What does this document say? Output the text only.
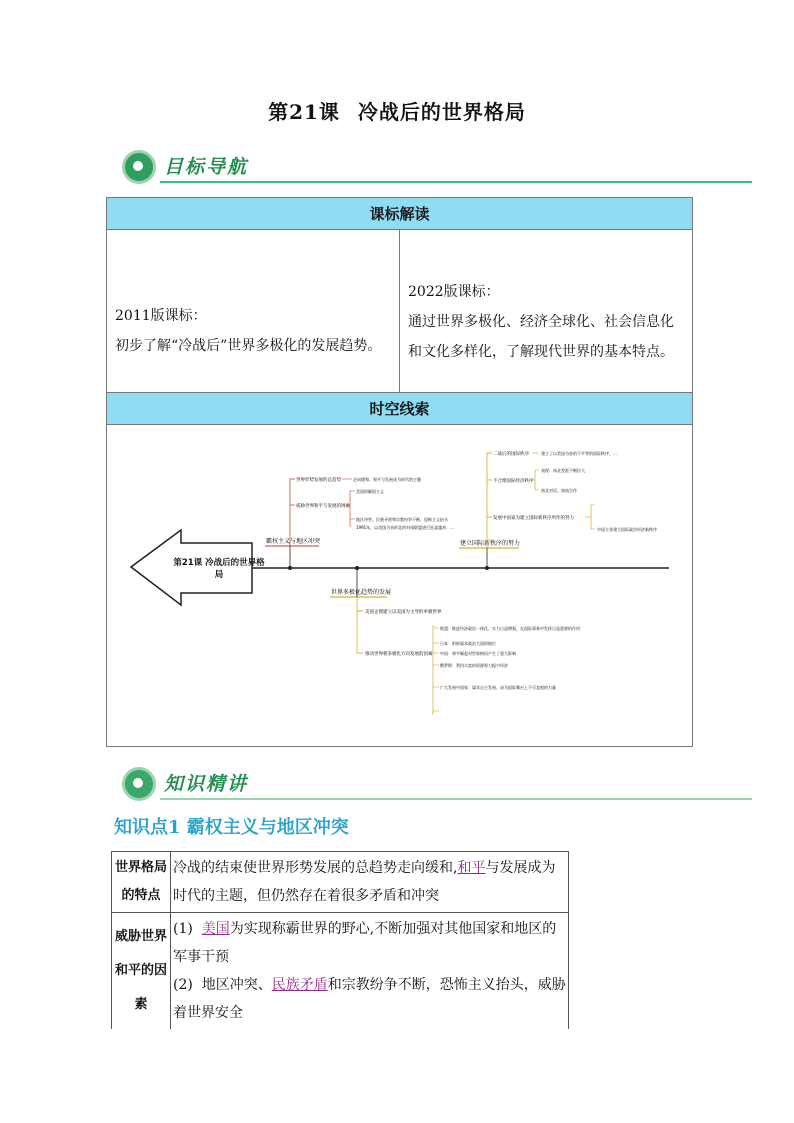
第21课 冷战后的世界格局
目标导航
课标解读

2011版课标：
初步了解“冷战后”世界多极化的发展趋势。

2022版课标：
通过世界多极化、经济全球化、社会信息化和文化多样化，了解现代世界的基本特点。

时空线索

第21课 冷战后的世界格局
霸权主义与地区冲突
世界形势发展的总趋势
威胁世界和平与发展的因素
走向缓和、和平与发展成为时代的主题
美国的霸权主义
地区冲突、民族矛盾和宗教纷争不断，恐怖主义抬头
1991年，以美国为首的北约对南联盟进行狂轰滥炸，…
世界多极化趋势的发展
美国企图建立以美国为主导的单极世界
推动世界朝多极化方向发展的因素
欧盟：推进经济政治一体化，实力日益增强，在国际事务中发挥日益重要的作用
日本：积极谋求政治大国的地位
中国：和平崛起对世界格局产生了重大影响
俄罗斯：利用丰富的资源努力振兴经济
广大发展中国家：谋求自主发展，成为国际舞台上不可忽视的力量
建立国际新秩序的努力
二战后的国际秩序
不合理国际经济秩序
发展中国家为建立国际新秩序所作的努力
建立了以美国为首的不平等的国际秩序，…
表现：南北差距不断拉大
南北对话、南南合作
中国主张建立国际政治经济新秩序
知识精讲
知识点1 霸权主义与地区冲突
世界格局的特点	冷战的结束使世界形势发展的总趋势走向缓和,和平与发展成为时代的主题，但仍然存在着很多矛盾和冲突
威胁世界和平的因素	(1) 美国为实现称霸世界的野心,不断加强对其他国家和地区的军事干预
(2) 地区冲突、民族矛盾和宗教纷争不断，恐怖主义抬头，威胁着世界安全
